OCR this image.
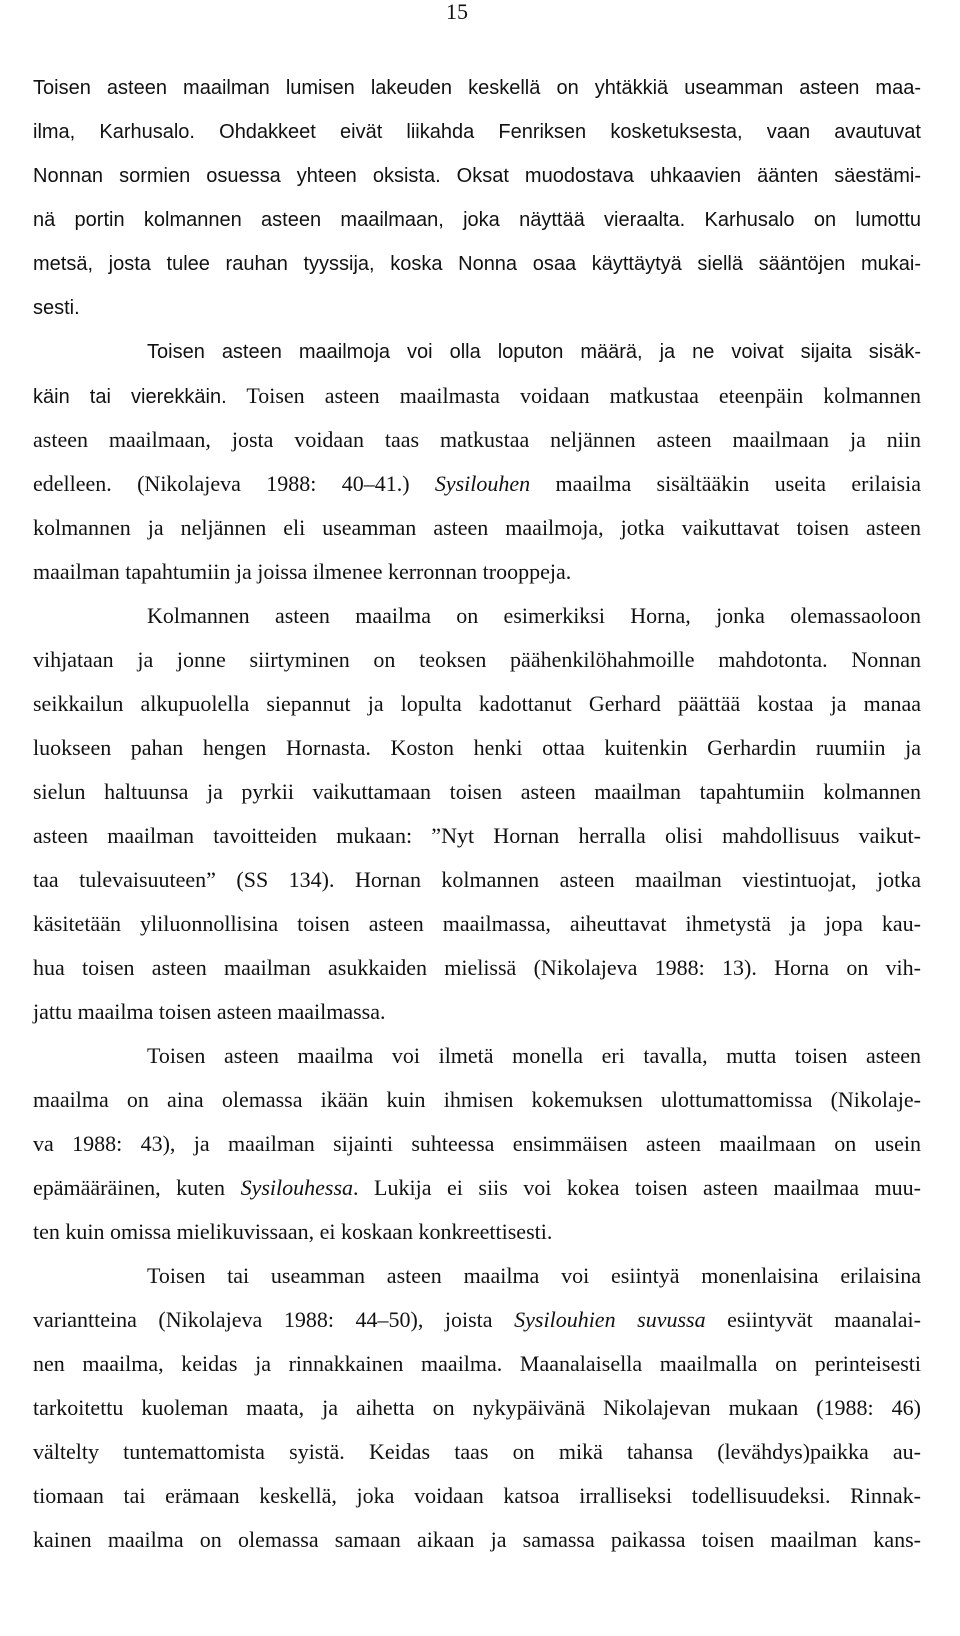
15
Toisen asteen maailman lumisen lakeuden keskellä on yhtäkkiä useamman asteen maa-
ilma, Karhusalo. Ohdakkeet eivät liikahda Fenriksen kosketuksesta, vaan avautuvat
Nonnan sormien osuessa yhteen oksista. Oksat muodostava uhkaavien äänten säestämi-
nä portin kolmannen asteen maailmaan, joka näyttää vieraalta. Karhusalo on lumottu
metsä, josta tulee rauhan tyyssija, koska Nonna osaa käyttäytyä siellä sääntöjen mukai-
sesti.
Toisen asteen maailmoja voi olla loputon määrä, ja ne voivat sijaita sisäk-
käin tai vierekkäin. Toisen asteen maailmasta voidaan matkustaa eteenpäin kolmannen
asteen maailmaan, josta voidaan taas matkustaa neljännen asteen maailmaan ja niin
edelleen. (Nikolajeva 1988: 40–41.) Sysilouhen maailma sisältääkin useita erilaisia
kolmannen ja neljännen eli useamman asteen maailmoja, jotka vaikuttavat toisen asteen
maailman tapahtumiin ja joissa ilmenee kerronnan trooppeja.
Kolmannen asteen maailma on esimerkiksi Horna, jonka olemassaoloon
vihjataan ja jonne siirtyminen on teoksen päähenkilöhahmoille mahdotonta. Nonnan
seikkailun alkupuolella siepannut ja lopulta kadottanut Gerhard päättää kostaa ja manaa
luokseen pahan hengen Hornasta. Koston henki ottaa kuitenkin Gerhardin ruumiin ja
sielun haltuunsa ja pyrkii vaikuttamaan toisen asteen maailman tapahtumiin kolmannen
asteen maailman tavoitteiden mukaan: ”Nyt Hornan herralla olisi mahdollisuus vaikut-
taa tulevaisuuteen” (SS 134). Hornan kolmannen asteen maailman viestintuojat, jotka
käsitetään yliluonnollisina toisen asteen maailmassa, aiheuttavat ihmetystä ja jopa kau-
hua toisen asteen maailman asukkaiden mielissä (Nikolajeva 1988: 13). Horna on vih-
jattu maailma toisen asteen maailmassa.
Toisen asteen maailma voi ilmetä monella eri tavalla, mutta toisen asteen
maailma on aina olemassa ikään kuin ihmisen kokemuksen ulottumattomissa (Nikolaje-
va 1988: 43), ja maailman sijainti suhteessa ensimmäisen asteen maailmaan on usein
epämääräinen, kuten Sysilouhessa. Lukija ei siis voi kokea toisen asteen maailmaa muu-
ten kuin omissa mielikuvissaan, ei koskaan konkreettisesti.
Toisen tai useamman asteen maailma voi esiintyä monenlaisina erilaisina
variantteina (Nikolajeva 1988: 44–50), joista Sysilouhien suvussa esiintyvät maanalai-
nen maailma, keidas ja rinnakkainen maailma. Maanalaisella maailmalla on perinteisesti
tarkoitettu kuoleman maata, ja aihetta on nykypäivänä Nikolajevan mukaan (1988: 46)
vältelty tuntemattomista syistä. Keidas taas on mikä tahansa (levähdys)paikka au-
tiomaan tai erämaan keskellä, joka voidaan katsoa irralliseksi todellisuudeksi. Rinnak-
kainen maailma on olemassa samaan aikaan ja samassa paikassa toisen maailman kans-
